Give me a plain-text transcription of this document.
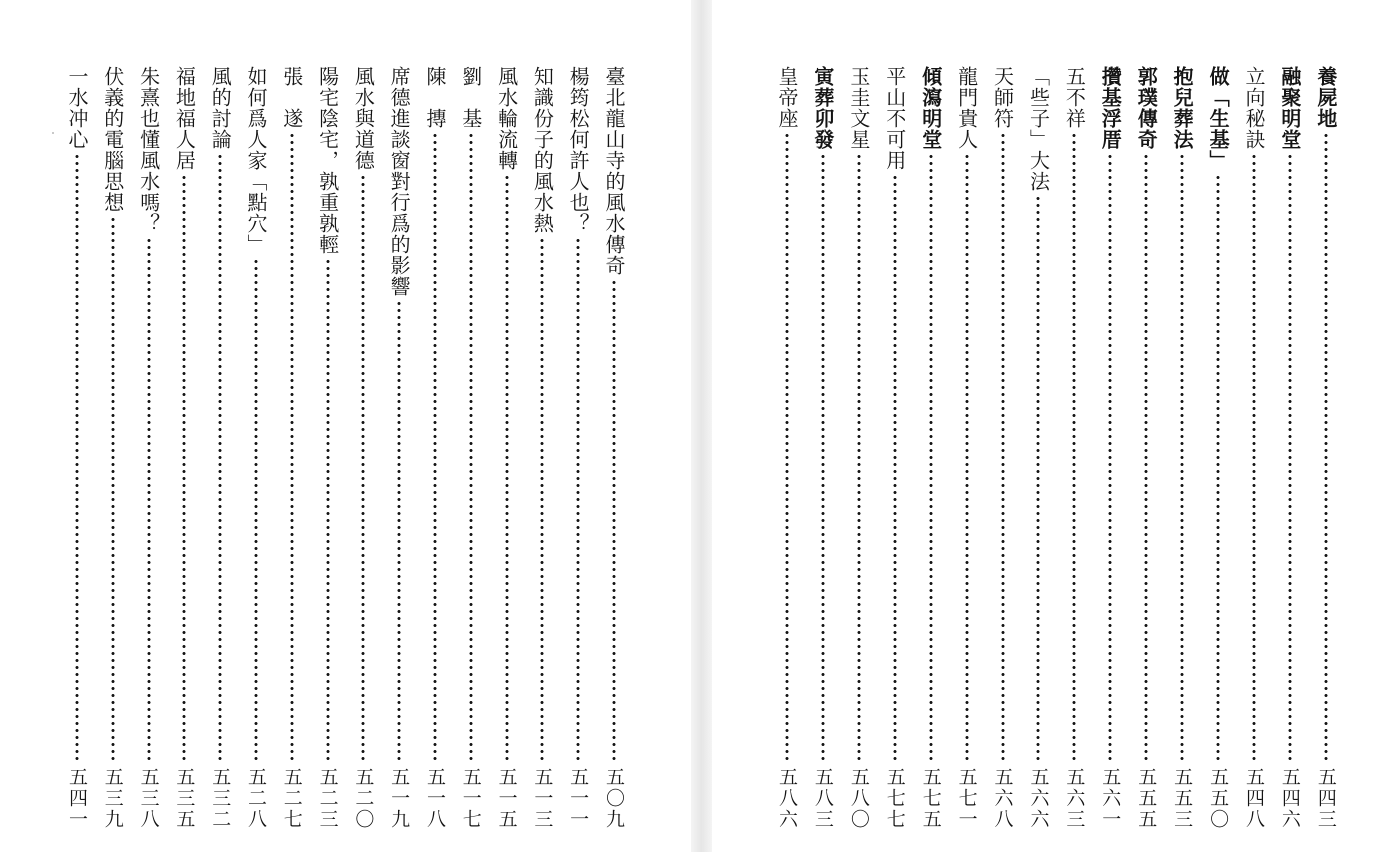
臺北龍山寺的風水傳奇
五〇九
楊筠松何許人也？
五一一
知識份子的風水熱
五一三
風水輪流轉
五一五
劉　基
五一七
陳　摶
五一八
席德進談窗對行爲的影響
五一九
風水與道德
五二〇
陽宅陰宅，孰重孰輕
五二三
張　遂
五二七
如何爲人家「點穴」
五二八
風的討論
五三二
福地福人居
五三五
朱熹也懂風水嗎？
五三八
伏義的電腦思想
五三九
一水冲心
五四一
養屍地
五四三
融聚明堂
五四六
立向秘訣
五四八
做「生基」
五五〇
抱兒葬法
五五三
郭璞傳奇
五五五
攢基浮厝
五六一
五不祥
五六三
「些子」大法
五六六
天師符
五六八
龍門貴人
五七一
傾瀉明堂
五七五
平山不可用
五七七
玉圭文星
五八〇
寅葬卯發
五八三
皇帝座
五八六
